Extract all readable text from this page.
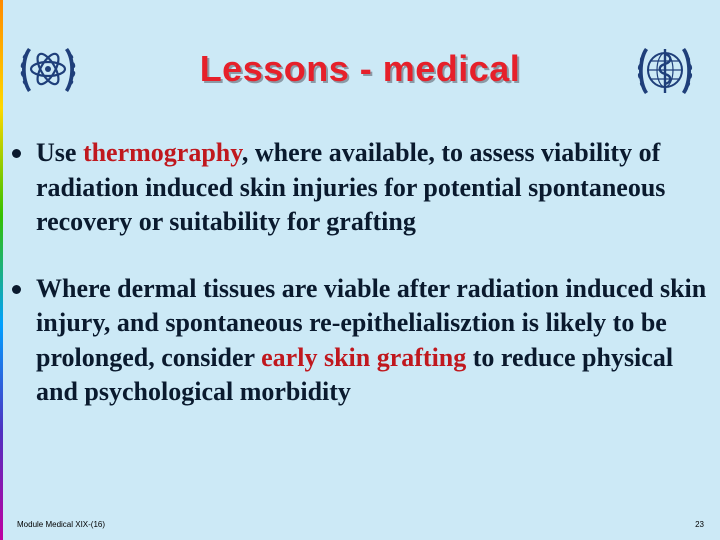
Lessons - medical
Use thermography, where available, to assess viability of radiation induced skin injuries for potential spontaneous recovery or suitability for grafting
Where dermal tissues are viable after radiation induced skin injury, and spontaneous re-epithelialisztion is likely to be prolonged, consider early skin grafting to reduce physical and psychological morbidity
Module Medical XIX-(16)	23
